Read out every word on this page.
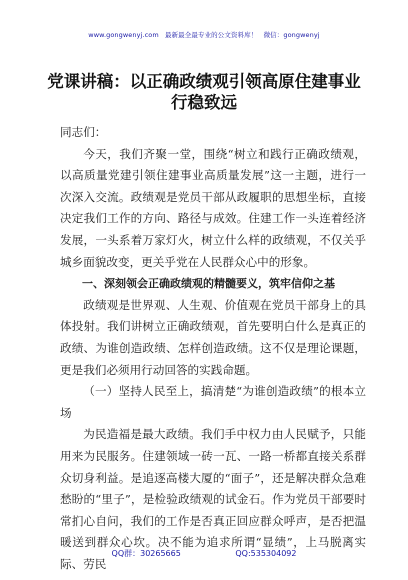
www.gongwenyj.com 最新最全最专业的公文资料库！ 微信：gongwenyj
党课讲稿：以正确政绩观引领高原住建事业行稳致远

同志们：

今天，我们齐聚一堂，围绕“树立和践行正确政绩观，以高质量党建引领住建事业高质量发展”这一主题，进行一次深入交流。政绩观是党员干部从政履职的思想坐标，直接决定我们工作的方向、路径与成效。住建工作一头连着经济发展，一头系着万家灯火，树立什么样的政绩观，不仅关乎城乡面貌改变，更关乎党在人民群众心中的形象。

一、深刻领会正确政绩观的精髓要义，筑牢信仰之基

政绩观是世界观、人生观、价值观在党员干部身上的具体投射。我们讲树立正确政绩观，首先要明白什么是真正的政绩、为谁创造政绩、怎样创造政绩。这不仅是理论课题，更是我们必须用行动回答的实践命题。

（一）坚持人民至上，搞清楚“为谁创造政绩”的根本立场

为民造福是最大政绩。我们手中权力由人民赋予，只能用来为民服务。住建领域一砖一瓦、一路一桥都直接关系群众切身利益。是追逐高楼大厦的“面子”，还是解决群众急难愁盼的“里子”，是检验政绩观的试金石。作为党员干部要时常扪心自问，我们的工作是否真正回应群众呼声，是否把温暖送到群众心坎。决不能为追求所谓“显绩”，上马脱离实际、劳民

QQ群：30265665	QQ:535304092
